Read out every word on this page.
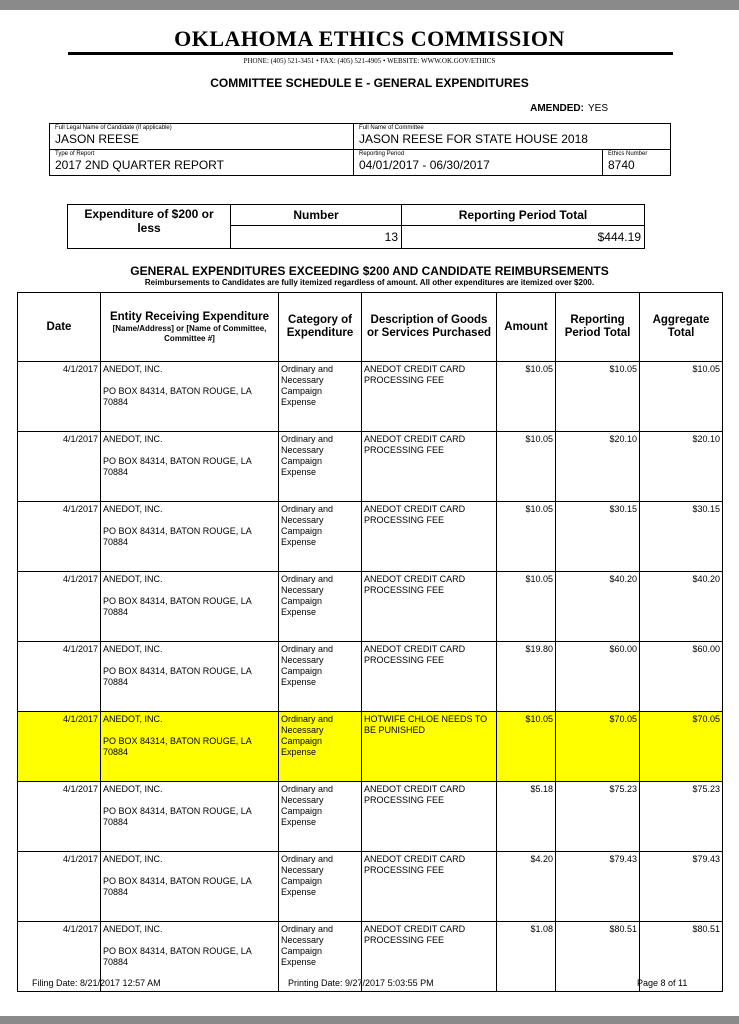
OKLAHOMA ETHICS COMMISSION
PHONE: (405) 521-3451 • FAX: (405) 521-4905 • WEBSITE: WWW.OK.GOV/ETHICS
COMMITTEE SCHEDULE E - GENERAL EXPENDITURES
AMENDED: YES
Full Legal Name of Candidate (if applicable)
JASON REESE	Full Name of Committee
JASON REESE FOR STATE HOUSE 2018	

Type of Report
2017 2ND QUARTER REPORT	Reporting Period
04/01/2017 - 06/30/2017	Ethics Number
8740
Expenditure of $200 or less	Number	Reporting Period Total
	13	$444.19
GENERAL EXPENDITURES EXCEEDING $200 AND CANDIDATE REIMBURSEMENTS
Reimbursements to Candidates are fully itemized regardless of amount. All other expenditures are itemized over $200.
Date	Entity Receiving Expenditure
[Name/Address] or [Name of Committee, Committee #]	Category of Expenditure	Description of Goods or Services Purchased	Amount	Reporting Period Total	Aggregate Total
4/1/2017	ANEDOT, INC.
PO BOX 84314, BATON ROUGE, LA 70884	Ordinary and Necessary Campaign Expense	ANEDOT CREDIT CARD PROCESSING FEE	$10.05	$10.05	$10.05
4/1/2017	ANEDOT, INC.
PO BOX 84314, BATON ROUGE, LA 70884	Ordinary and Necessary Campaign Expense	ANEDOT CREDIT CARD PROCESSING FEE	$10.05	$20.10	$20.10
4/1/2017	ANEDOT, INC.
PO BOX 84314, BATON ROUGE, LA 70884	Ordinary and Necessary Campaign Expense	ANEDOT CREDIT CARD PROCESSING FEE	$10.05	$30.15	$30.15
4/1/2017	ANEDOT, INC.
PO BOX 84314, BATON ROUGE, LA 70884	Ordinary and Necessary Campaign Expense	ANEDOT CREDIT CARD PROCESSING FEE	$10.05	$40.20	$40.20
4/1/2017	ANEDOT, INC.
PO BOX 84314, BATON ROUGE, LA 70884	Ordinary and Necessary Campaign Expense	ANEDOT CREDIT CARD PROCESSING FEE	$19.80	$60.00	$60.00
4/1/2017	ANEDOT, INC.
PO BOX 84314, BATON ROUGE, LA 70884	Ordinary and Necessary Campaign Expense	HOTWIFE CHLOE NEEDS TO BE PUNISHED	$10.05	$70.05	$70.05
4/1/2017	ANEDOT, INC.
PO BOX 84314, BATON ROUGE, LA 70884	Ordinary and Necessary Campaign Expense	ANEDOT CREDIT CARD PROCESSING FEE	$5.18	$75.23	$75.23
4/1/2017	ANEDOT, INC.
PO BOX 84314, BATON ROUGE, LA 70884	Ordinary and Necessary Campaign Expense	ANEDOT CREDIT CARD PROCESSING FEE	$4.20	$79.43	$79.43
4/1/2017	ANEDOT, INC.
PO BOX 84314, BATON ROUGE, LA 70884	Ordinary and Necessary Campaign Expense	ANEDOT CREDIT CARD PROCESSING FEE	$1.08	$80.51	$80.51
Filing Date: 8/21/2017 12:57 AM	Printing Date: 9/27/2017 5:03:55 PM	Page 8 of 11
